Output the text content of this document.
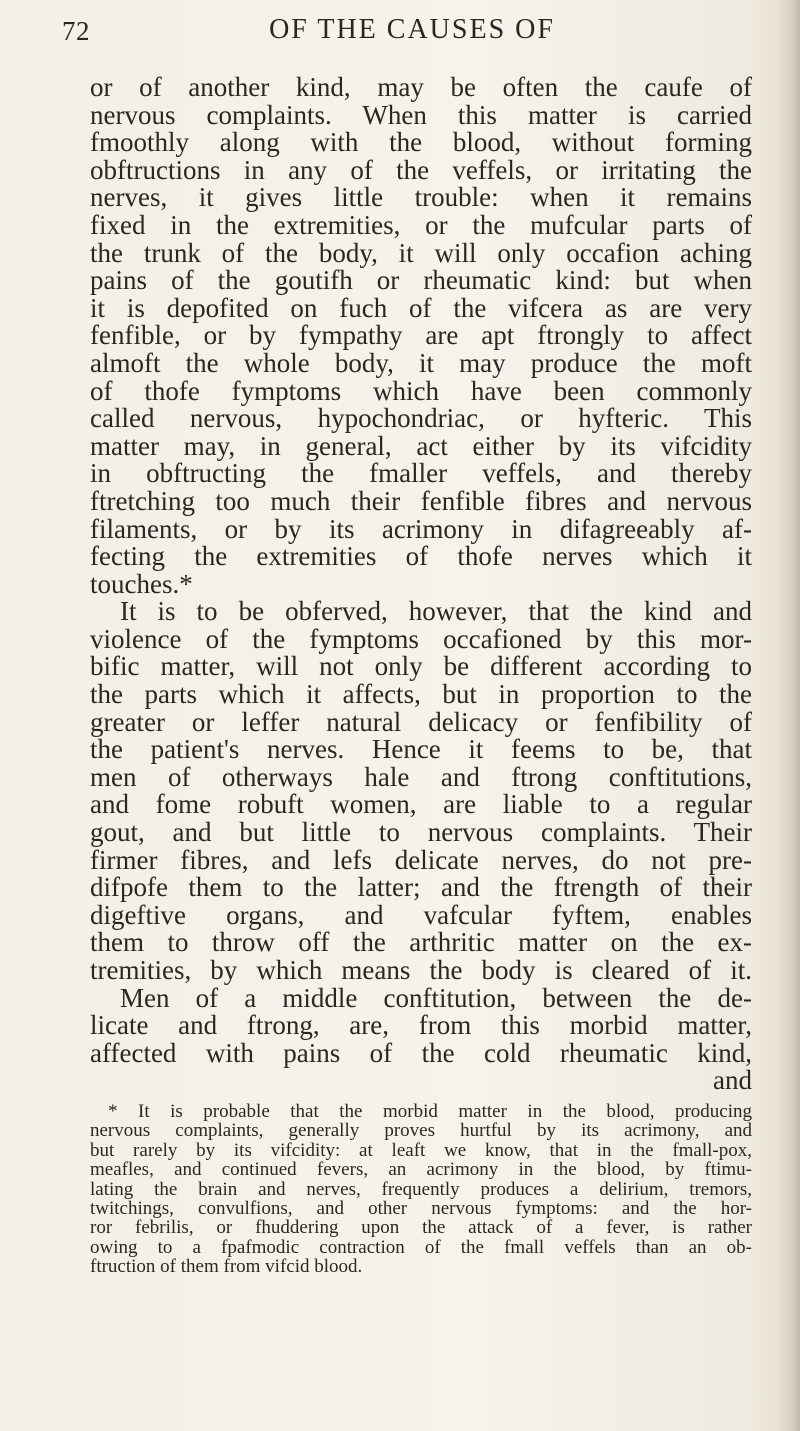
72	OF THE CAUSES OF

or of another kind, may be often the caufe of
nervous complaints. When this matter is carried
fmoothly along with the blood, without forming
obftructions in any of the veffels, or irritating the
nerves, it gives little trouble: when it remains
fixed in the extremities, or the mufcular parts of
the trunk of the body, it will only occafion aching
pains of the goutifh or rheumatic kind: but when
it is depofited on fuch of the vifcera as are very
fenfible, or by fympathy are apt ftrongly to affect
almoft the whole body, it may produce the moft
of thofe fymptoms which have been commonly
called nervous, hypochondriac, or hyfteric. This
matter may, in general, act either by its vifcidity
in obftructing the fmaller veffels, and thereby
ftretching too much their fenfible fibres and nervous
filaments, or by its acrimony in difagreeably af-
fecting the extremities of thofe nerves which it
touches.*

It is to be obferved, however, that the kind and
violence of the fymptoms occafioned by this mor-
bific matter, will not only be different according to
the parts which it affects, but in proportion to the
greater or leffer natural delicacy or fenfibility of
the patient's nerves. Hence it feems to be, that
men of otherways hale and ftrong conftitutions,
and fome robuft women, are liable to a regular
gout, and but little to nervous complaints. Their
firmer fibres, and lefs delicate nerves, do not pre-
difpofe them to the latter; and the ftrength of their
digeftive organs, and vafcular fyftem, enables
them to throw off the arthritic matter on the ex-
tremities, by which means the body is cleared of it.

Men of a middle conftitution, between the de-
licate and ftrong, are, from this morbid matter,
affected with pains of the cold rheumatic kind,

and
* It is probable that the morbid matter in the blood, producing
nervous complaints, generally proves hurtful by its acrimony, and
but rarely by its vifcidity: at leaft we know, that in the fmall-pox,
meafles, and continued fevers, an acrimony in the blood, by ftimu-
lating the brain and nerves, frequently produces a delirium, tremors,
twitchings, convulfions, and other nervous fymptoms: and the hor-
ror febrilis, or fhuddering upon the attack of a fever, is rather
owing to a fpafmodic contraction of the fmall veffels than an ob-
ftruction of them from vifcid blood.
